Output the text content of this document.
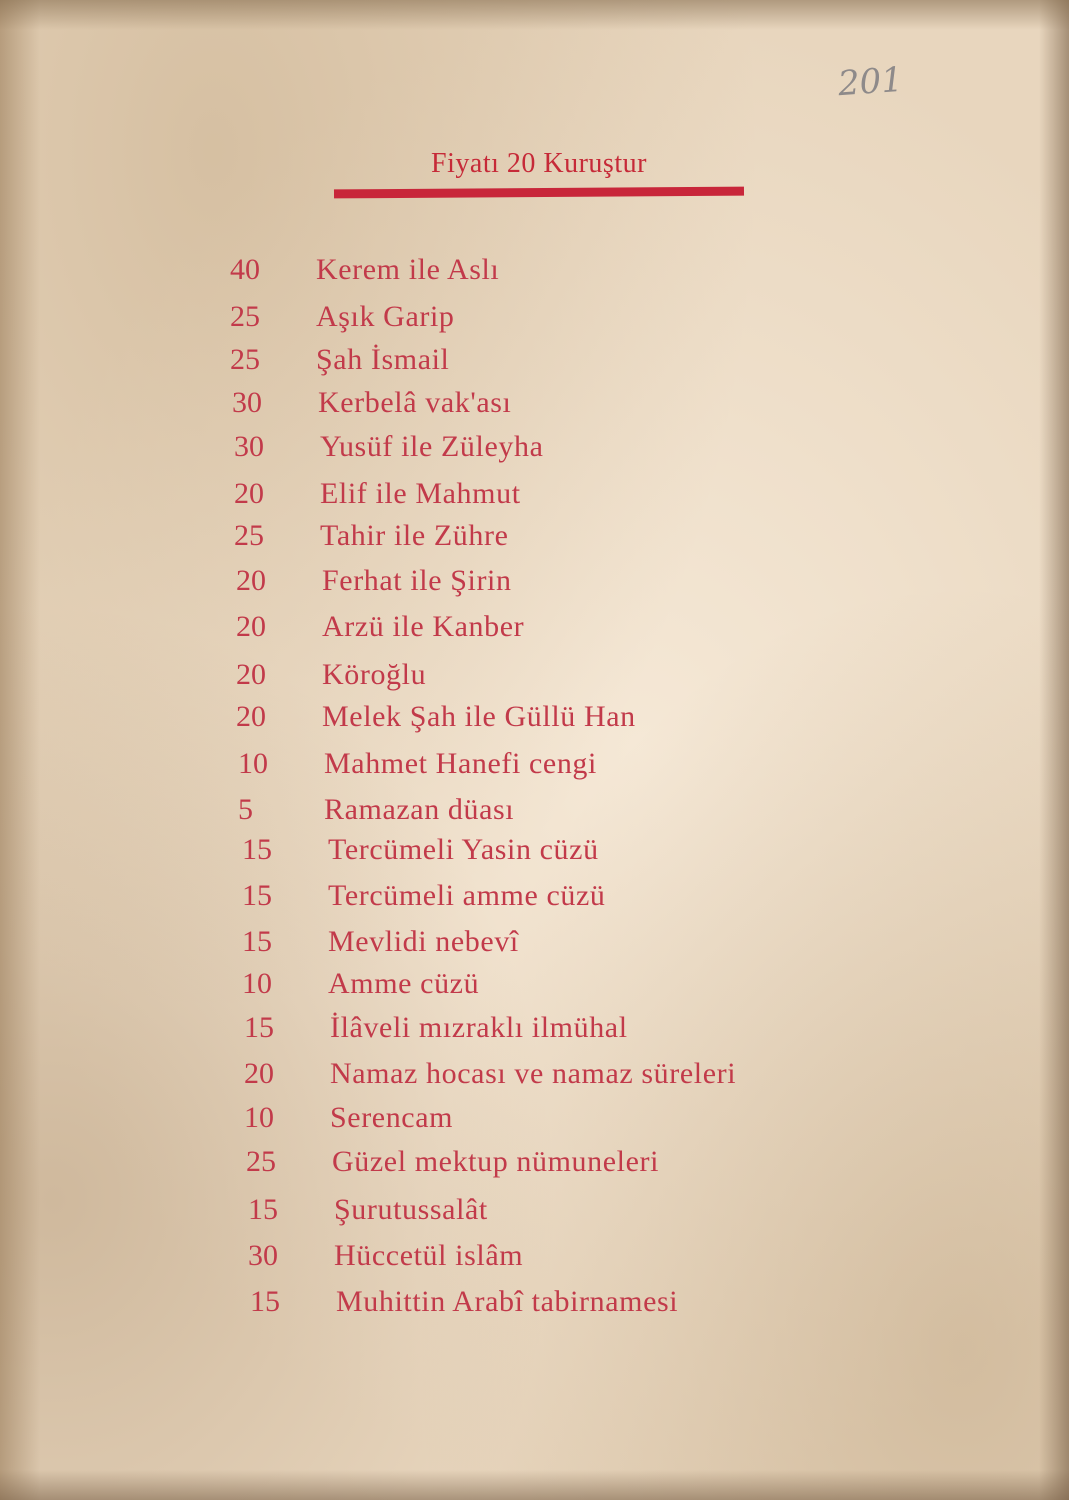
201
Fiyatı 20 Kuruştur
40	Kerem ile Aslı
25	Aşık Garip
25	Şah İsmail
30	Kerbelâ vak'ası
30	Yusüf ile Züleyha
20	Elif ile Mahmut
25	Tahir ile Zühre
20	Ferhat ile Şirin
20	Arzü ile Kanber
20	Köroğlu
20	Melek Şah ile Güllü Han
10	Mahmet Hanefi cengi
5	Ramazan düası
15	Tercümeli Yasin cüzü
15	Tercümeli amme cüzü
15	Mevlidi nebevî
10	Amme cüzü
15	İlâveli mızraklı ilmühal
20	Namaz hocası ve namaz süreleri
10	Serencam
25	Güzel mektup nümuneleri
15	Şurutussalât
30	Hüccetül islâm
15	Muhittin Arabî tabirnamesi
